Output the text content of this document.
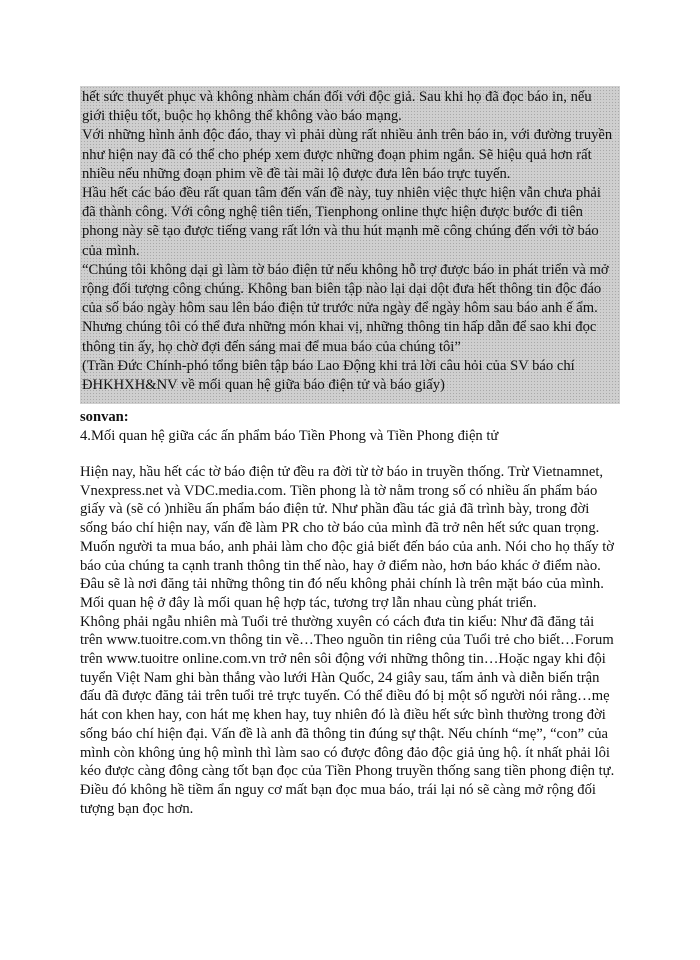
hết sức thuyết phục và không nhàm chán đối với độc giả. Sau khi họ đã đọc báo in, nếu giới thiệu tốt, buộc họ không thể không vào báo mạng.

Với những hình ảnh độc đáo, thay vì phải dùng rất nhiều ảnh trên báo in, với đường truyền như hiện nay đã có thể cho phép xem được những đoạn phim ngắn. Sẽ hiệu quả hơn rất nhiều nếu những đoạn phim về đề tài mãi lộ được đưa lên báo trực tuyến.

Hầu hết các báo đều rất quan tâm đến vấn đề này, tuy nhiên việc thực hiện vẫn chưa phải đã thành công. Với công nghệ tiên tiến, Tienphong online thực hiện được bước đi tiên phong này sẽ tạo được tiếng vang rất lớn và thu hút mạnh mẽ công chúng đến với tờ báo của mình.

“Chúng tôi không dại gì làm tờ báo điện tử nếu không hỗ trợ được báo in phát triển và mở rộng đối tượng công chúng. Không ban biên tập nào lại dại dột đưa hết thông tin độc đáo của số báo ngày hôm sau lên báo điện tử trước nửa ngày để ngày hôm sau báo anh ế ẩm. Nhưng chúng tôi có thể đưa những món khai vị, những thông tin hấp dẫn để sao khi đọc thông tin ấy, họ chờ đợi đến sáng mai để mua báo của chúng tôi”

(Trần Đức Chính-phó tổng biên tập báo Lao Động khi trả lời câu hỏi của SV báo chí ĐHKHXH&NV về mối quan hệ giữa báo điện tử và báo giấy)

sonvan:
4.Mối quan hệ giữa các ấn phẩm báo Tiền Phong và Tiền Phong điện tử

Hiện nay, hầu hết các tờ báo điện tử đều ra đời từ tờ báo in truyền thống. Trừ Vietnamnet, Vnexpress.net và VDC.media.com. Tiền phong là tờ nằm trong số có nhiều ấn phẩm báo giấy và (sẽ có )nhiều ấn phẩm báo điện tử. Như phần đầu tác giả đã trình bày, trong đời sống báo chí hiện nay, vấn đề làm PR cho tờ báo của mình đã trở nên hết sức quan trọng. Muốn người ta mua báo, anh phải làm cho độc giả biết đến báo của anh. Nói cho họ thấy tờ báo của chúng ta cạnh tranh thông tin thế nào, hay ở điểm nào, hơn báo khác ở điểm nào. Đâu sẽ là nơi đăng tải những thông tin đó nếu không phải chính là trên mặt báo của mình. Mối quan hệ ở đây là mối quan hệ hợp tác, tương trợ lẫn nhau cùng phát triển.

Không phải ngẫu nhiên mà Tuổi trẻ thường xuyên có cách đưa tin kiểu: Như đã đăng tải trên www.tuoitre.com.vn thông tin về…Theo nguồn tin riêng của Tuổi trẻ cho biết…Forum trên www.tuoitre online.com.vn trở nên sôi động với những thông tin…Hoặc ngay khi đội tuyển Việt Nam ghi bàn thắng vào lưới Hàn Quốc, 24 giây sau, tấm ảnh và diễn biến trận đấu đã được đăng tải trên tuổi trẻ trực tuyến. Có thể điều đó bị một số người nói rằng…mẹ hát con khen hay, con hát mẹ khen hay, tuy nhiên đó là điều hết sức bình thường trong đời sống báo chí hiện đại. Vấn đề là anh đã thông tin đúng sự thật. Nếu chính “mẹ”, “con” của mình còn không ủng hộ mình thì làm sao có được đông đảo độc giả ủng hộ. ít nhất phải lôi kéo được càng đông càng tốt bạn đọc của Tiền Phong truyền thống sang tiền phong điện tự. Điều đó không hề tiềm ẩn nguy cơ mất bạn đọc mua báo, trái lại nó sẽ càng mở rộng đối tượng bạn đọc hơn.
